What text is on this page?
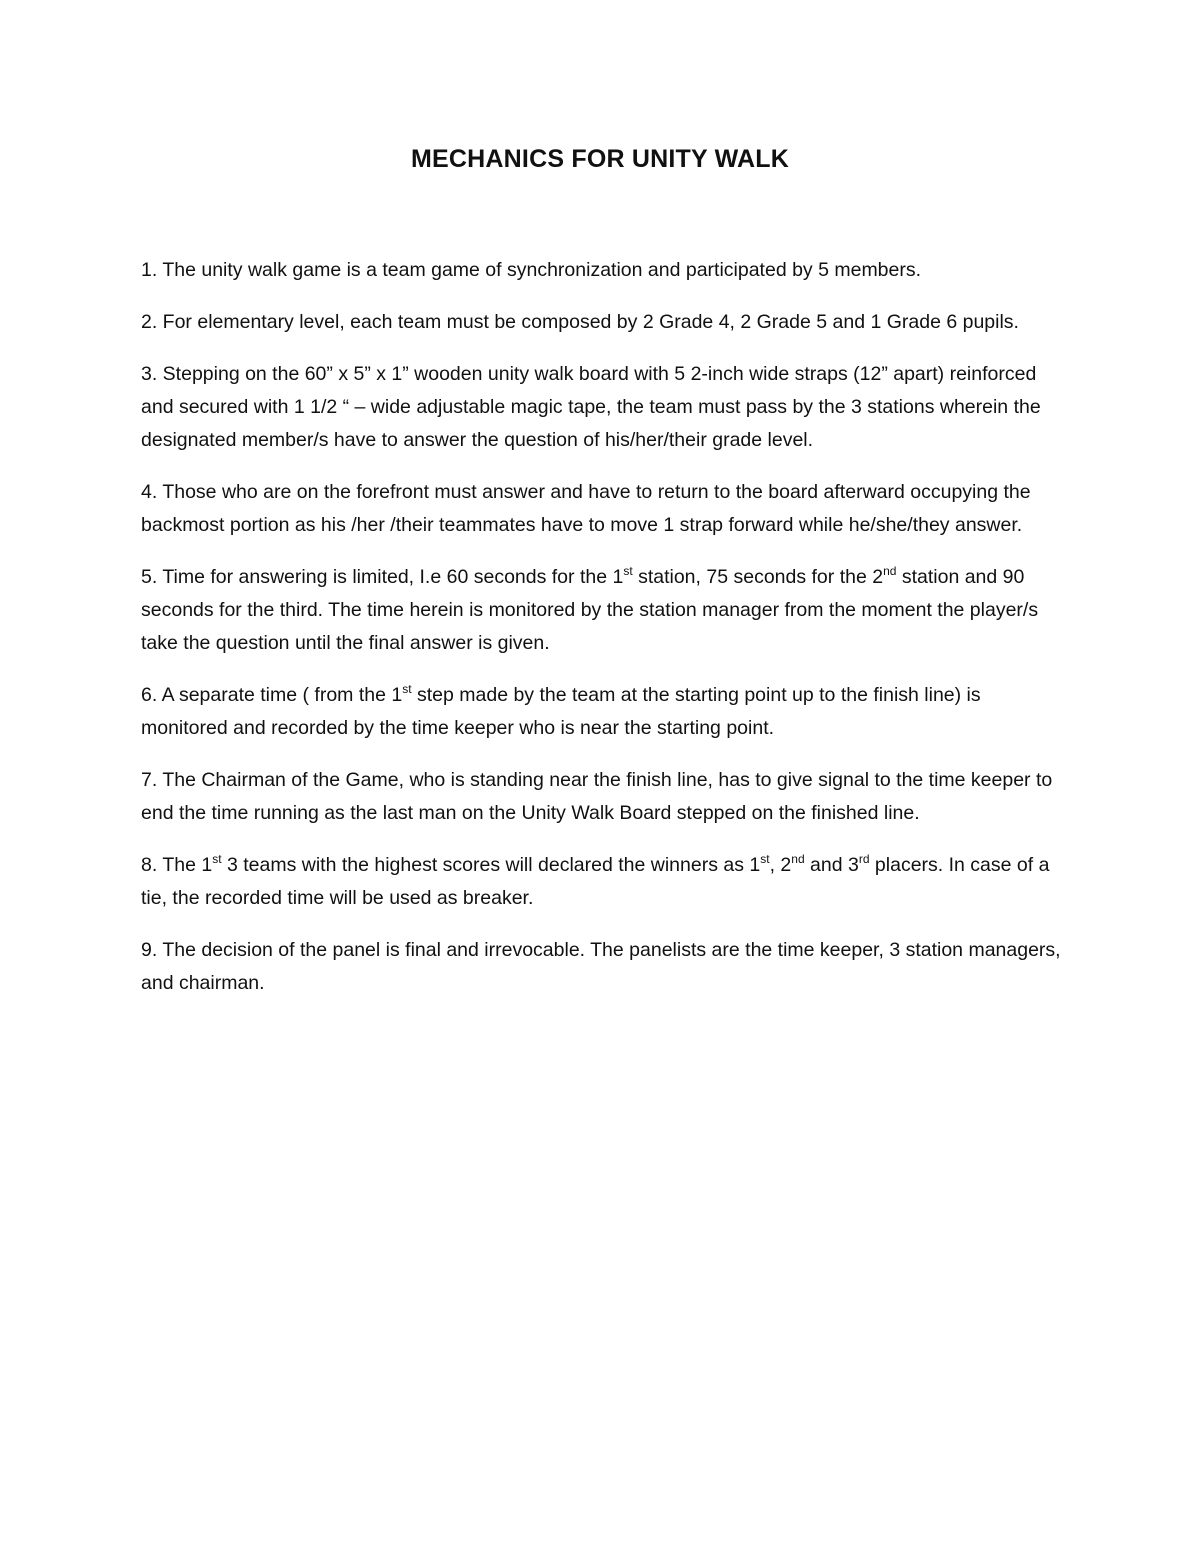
MECHANICS FOR UNITY WALK

1. The unity walk game is a team game of synchronization and participated by 5 members.

2. For elementary level, each team must be composed by 2 Grade 4, 2 Grade 5 and 1 Grade 6 pupils.

3. Stepping on the 60” x 5” x 1” wooden unity walk board with 5 2-inch wide straps (12” apart) reinforced and secured with 1 1/2 “ – wide adjustable magic tape, the team must pass by the 3 stations wherein the designated member/s have to answer the question of his/her/their grade level.

4. Those who are on the forefront must answer and have to return to the board afterward occupying the backmost portion as his /her /their teammates have to move 1 strap forward while he/she/they answer.

5. Time for answering is limited, I.e 60 seconds for the 1st station, 75 seconds for the 2nd station and 90 seconds for the third. The time herein is monitored by the station manager from the moment the player/s take the question until the final answer is given.

6. A separate time ( from the 1st step made by the team at the starting point up to the finish line) is monitored and recorded by the time keeper who is near the starting point.

7. The Chairman of the Game, who is standing near the finish line, has to give signal to the time keeper to end the time running as the last man on the Unity Walk Board stepped on the finished line.

8. The 1st 3 teams with the highest scores will declared the winners as 1st, 2nd and 3rd placers. In case of a tie, the recorded time will be used as breaker.

9. The decision of the panel is final and irrevocable. The panelists are the time keeper, 3 station managers, and chairman.
